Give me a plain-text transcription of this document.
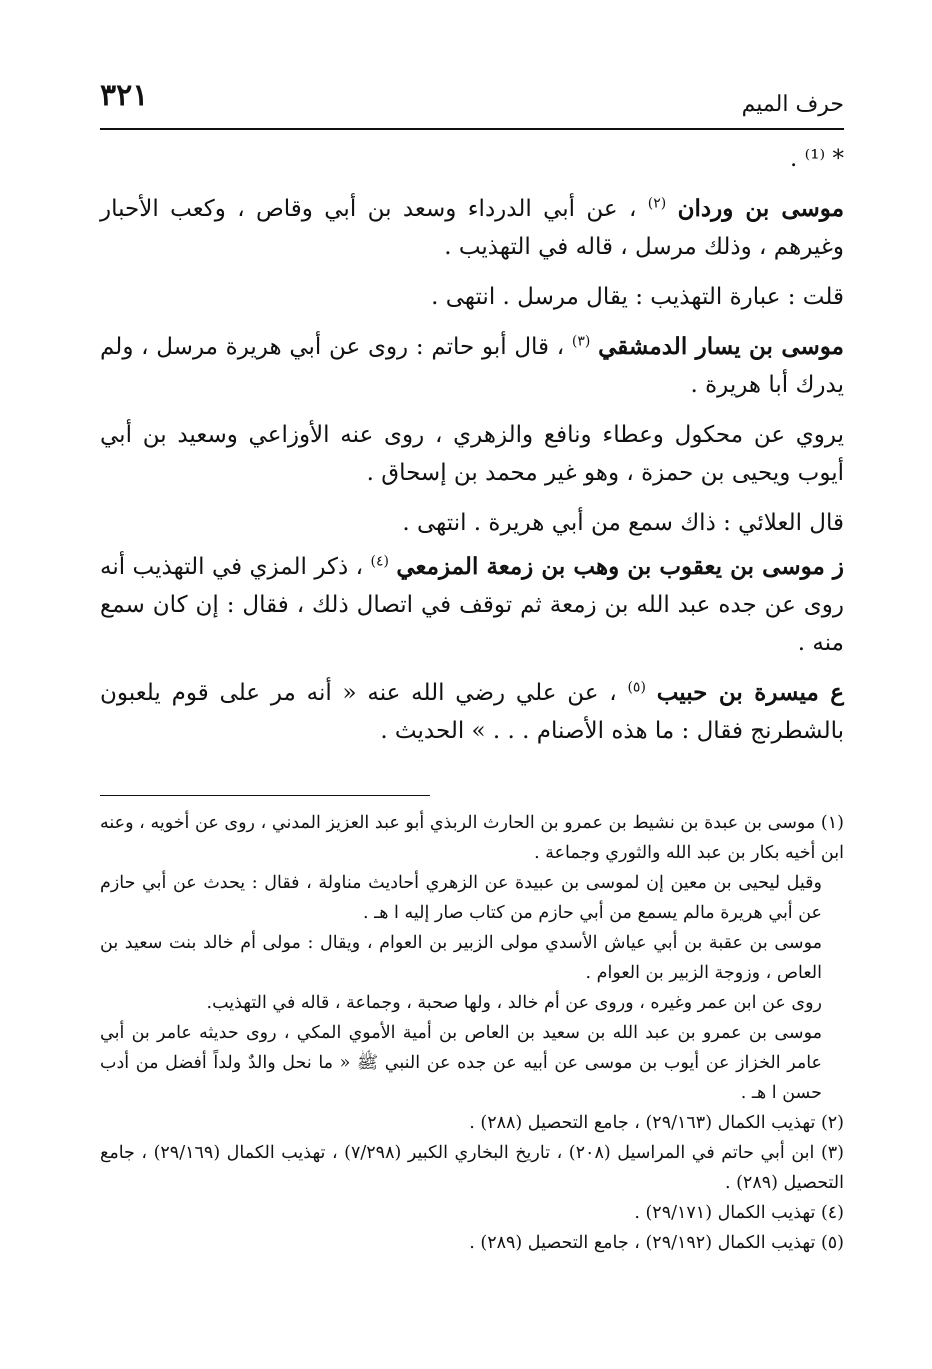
٣٢١	حرف الميم

* ⁽¹⁾ .

موسى بن وردان $^{(٢)}$ ، عن أبي الدرداء وسعد بن أبي وقاص ، وكعب الأحبار وغيرهم ، وذلك مرسل ، قاله في التهذيب .

قلت : عبارة التهذيب : يقال مرسل . انتهى .

موسى بن يسار الدمشقي $^{(٣)}$ ، قال أبو حاتم : روى عن أبي هريرة مرسل ، ولم يدرك أبا هريرة .

يروي عن محكول وعطاء ونافع والزهري ، روى عنه الأوزاعي وسعيد بن أبي أيوب ويحيى بن حمزة ، وهو غير محمد بن إسحاق .

قال العلائي : ذاك سمع من أبي هريرة . انتهى .

ز موسى بن يعقوب بن وهب بن زمعة المزمعي $^{(٤)}$ ، ذكر المزي في التهذيب أنه روى عن جده عبد الله بن زمعة ثم توقف في اتصال ذلك ، فقال : إن كان سمع منه .

ع ميسرة بن حبيب $^{(٥)}$ ، عن علي رضي الله عنه « أنه مر على قوم يلعبون بالشطرنج فقال : ما هذه الأصنام . . . » الحديث .

(١) موسى بن عبدة بن نشيط بن عمرو بن الحارث الربذي أبو عبد العزيز المدني ، روى عن أخويه ، وعنه ابن أخيه بكار بن عبد الله والثوري وجماعة .

وقيل ليحيى بن معين إن لموسى بن عبيدة عن الزهري أحاديث مناولة ، فقال : يحدث عن أبي حازم عن أبي هريرة مالم يسمع من أبي حازم من كتاب صار إليه ا هـ .

موسى بن عقبة بن أبي عياش الأسدي مولى الزبير بن العوام ، ويقال : مولى أم خالد بنت سعيد بن العاص ، وزوجة الزبير بن العوام .

روى عن ابن عمر وغيره ، وروى عن أم خالد ، ولها صحبة ، وجماعة ، قاله في التهذيب.

موسى بن عمرو بن عبد الله بن سعيد بن العاص بن أمية الأموي المكي ، روى حديثه عامر بن أبي عامر الخزاز عن أيوب بن موسى عن أبيه عن جده عن النبي ﷺ « ما نحل والدٌ ولداً أفضل من أدب حسن ا هـ .

(٢) تهذيب الكمال (٢٩/١٦٣) ، جامع التحصيل (٢٨٨) .

(٣) ابن أبي حاتم في المراسيل (٢٠٨) ، تاريخ البخاري الكبير (٧/٢٩٨) ، تهذيب الكمال (٢٩/١٦٩) ، جامع التحصيل (٢٨٩) .

(٤) تهذيب الكمال (٢٩/١٧١) .

(٥) تهذيب الكمال (٢٩/١٩٢) ، جامع التحصيل (٢٨٩) .
